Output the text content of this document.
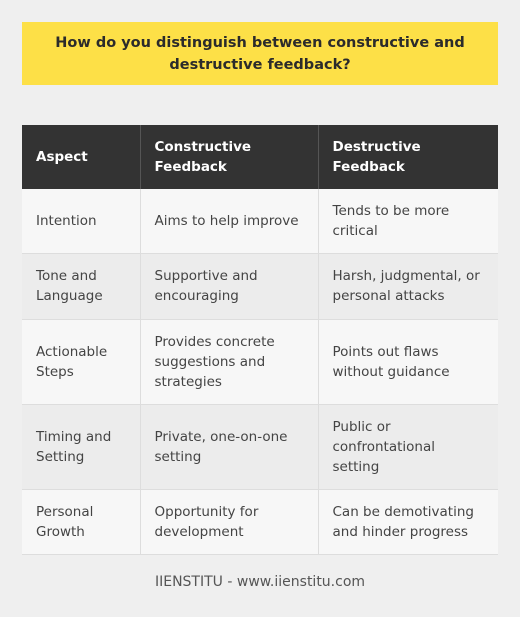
How do you distinguish between constructive and destructive feedback?
Aspect	Constructive Feedback	Destructive Feedback
Intention	Aims to help improve	Tends to be more critical
Tone and Language	Supportive and encouraging	Harsh, judgmental, or personal attacks
Actionable Steps	Provides concrete suggestions and strategies	Points out flaws without guidance
Timing and Setting	Private, one-on-one setting	Public or confrontational setting
Personal Growth	Opportunity for development	Can be demotivating and hinder progress
IIENSTITU - www.iienstitu.com
